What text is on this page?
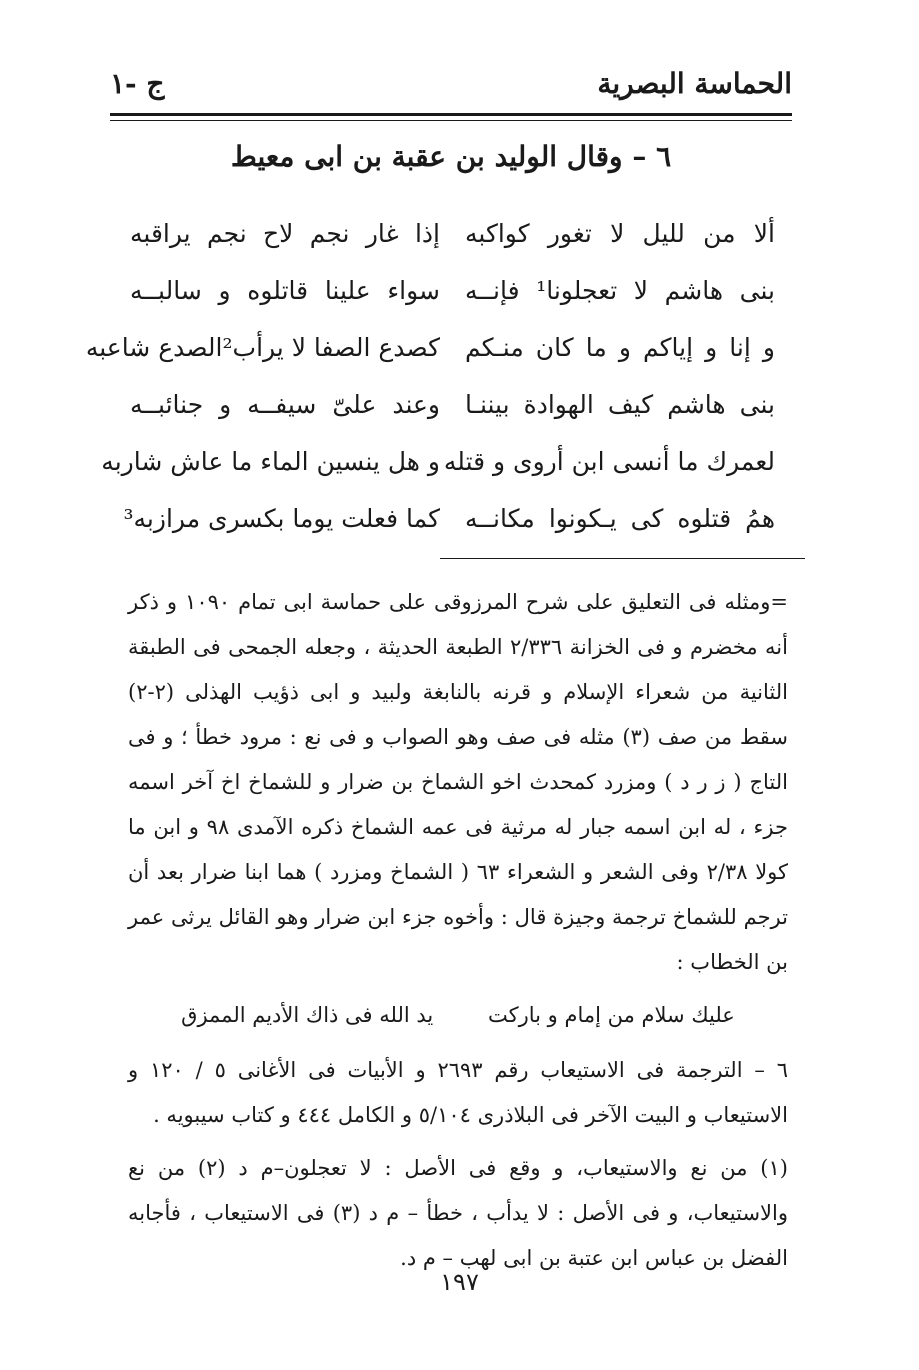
الحماسة البصرية
ج -١
٦ – وقال الوليد بن عقبة بن ابى معيط
ألا من لليل لا تغور كواكبه
إذا غار نجم لاح نجم يراقبه
بنى هاشم لا تعجلونا¹ فإنــه
سواء علينا قاتلوه و سالبــه
و إنا و إياكم و ما كان منـكم
كصدع الصفا لا يرأب²الصدع شاعبه
بنى هاشم كيف الهوادة بيننـا
وعند علىّ سيفــه و جنائبــه
لعمرك ما أنسى ابن أروى و قتله
و هل ينسين الماء ما عاش شاربه
همُ قتلوه كى يـكونوا مكانــه
كما فعلت يوما بكسرى مرازبه³

=ومثله فى التعليق على شرح المرزوقى على حماسة ابى تمام ١٠٩٠ و ذكر أنه مخضرم و فى الخزانة ٢/٣٣٦ الطبعة الحديثة ، وجعله الجمحى فى الطبقة الثانية من شعراء الإسلام و قرنه بالنابغة ولبيد و ابى ذؤيب الهذلى (٢-٢) سقط من صف (٣) مثله فى صف وهو الصواب و فى نع : مرود خطأ ؛ و فى التاج ( ز ر د ) ومزرد كمحدث اخو الشماخ بن ضرار و للشماخ اخ آخر اسمه جزء ، له ابن اسمه جبار له مرثية فى عمه الشماخ ذكره الآمدى ٩٨ و ابن ما كولا ٢/٣٨ وفى الشعر و الشعراء ٦٣ ( الشماخ ومزرد ) هما ابنا ضرار بعد أن ترجم للشماخ ترجمة وجيزة قال : وأخوه جزء ابن ضرار وهو القائل يرثى عمر بن الخطاب :

عليك سلام من إمام و باركت يد الله فى ذاك الأديم الممزق

٦ – الترجمة فى الاستيعاب رقم ٢٦٩٣ و الأبيات فى الأغانى ٥ / ١٢٠ و الاستيعاب و البيت الآخر فى البلاذرى ٥/١٠٤ و الكامل ٤٤٤ و كتاب سيبويه .

(١) من نع والاستيعاب، و وقع فى الأصل : لا تعجلون–م د (٢) من نع والاستيعاب، و فى الأصل : لا يدأب ، خطأ – م د (٣) فى الاستيعاب ، فأجابه الفضل بن عباس ابن عتبة بن ابى لهب – م د.

١٩٧
